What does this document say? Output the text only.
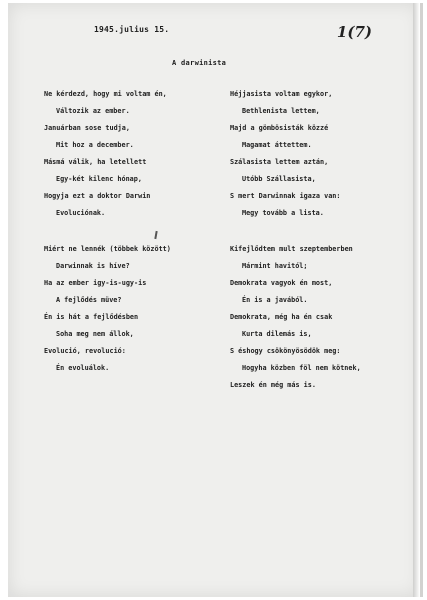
1945.julius 15.	1(7)
A darwinista
Ne kérdezd, hogy mi voltam én,
Változik az ember.
Januárban sose tudja,
Mit hoz a december.
Másmá válik, ha letellett
Egy-két kilenc hónap,
Hogyja ezt a doktor Darwin
Evoluciónak.
Miért ne lennék (többek között)
Darwinnak is híve?
Ha az ember igy-is-ugy-is
A fejlődés müve?
Én is hát a fejlődésben
Soha meg nem állok,
Evolució, revolució:
Én evoluálok.
Héjjasista voltam egykor,
Bethlenista lettem,
Majd a gömbösisták közzé
Magamat áttettem.
Szálasista lettem aztán,
Utóbb Szállasista,
S mert Darwinnak igaza van:
Megy tovább a lista.
Kifejlődtem mult szeptemberben
Mármint havitól;
Demokrata vagyok én most,
Én is a javából.
Demokrata, még ha én csak
Kurta dilemás is,
S éshogy csökönyösödök meg:
Hogyha közben föl nem kötnek,
Leszek én még más is.
